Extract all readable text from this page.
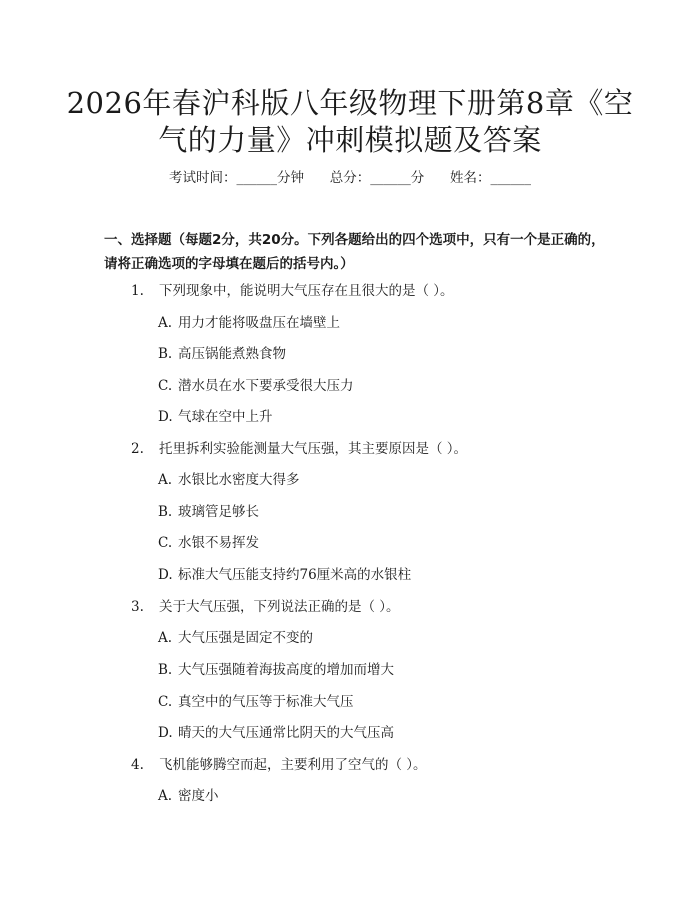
2026年春沪科版八年级物理下册第8章《空
气的力量》冲刺模拟题及答案
考试时间：______分钟      总分：______分      姓名：______

一、选择题（每题2分，共20分。下列各题给出的四个选项中，只有一个是正确的，请将正确选项的字母填在题后的括号内。）

1. 下列现象中，能说明大气压存在且很大的是（ ）。
A. 用力才能将吸盘压在墙壁上
B. 高压锅能煮熟食物
C. 潜水员在水下要承受很大压力
D. 气球在空中上升
2. 托里拆利实验能测量大气压强，其主要原因是（ ）。
A. 水银比水密度大得多
B. 玻璃管足够长
C. 水银不易挥发
D. 标准大气压能支持约76厘米高的水银柱
3. 关于大气压强，下列说法正确的是（ ）。
A. 大气压强是固定不变的
B. 大气压强随着海拔高度的增加而增大
C. 真空中的气压等于标准大气压
D. 晴天的大气压通常比阴天的大气压高
4. 飞机能够腾空而起，主要利用了空气的（ ）。
A. 密度小
